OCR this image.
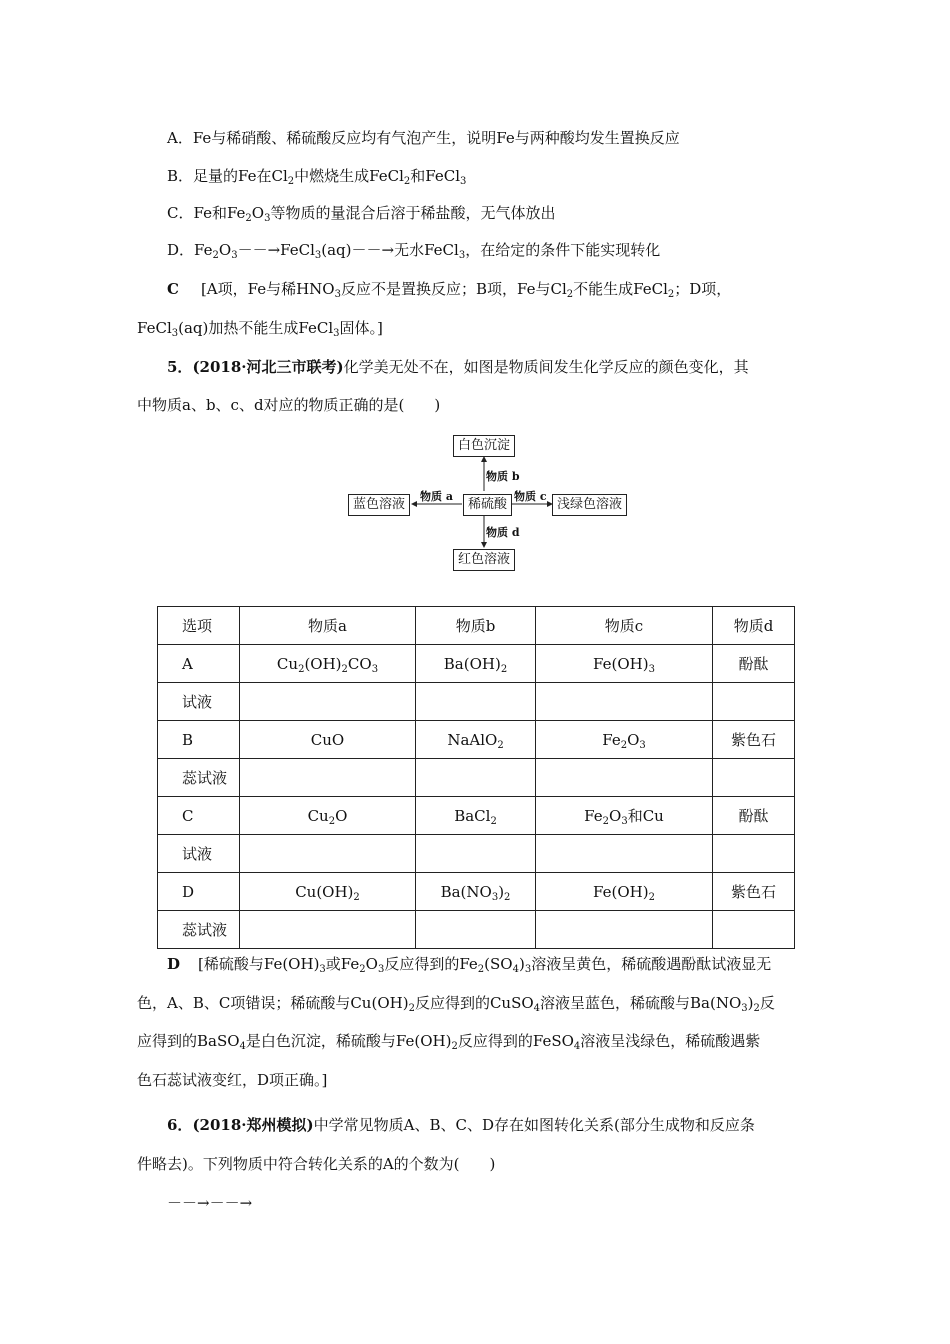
A．Fe与稀硝酸、稀硫酸反应均有气泡产生，说明Fe与两种酸均发生置换反应
B．足量的Fe在$Cl_2$中燃烧生成FeCl$_2$和FeCl$_3$
C．Fe和$Fe_2O_3$等物质的量混合后溶于稀盐酸，无气体放出
D．$Fe_2O_3--\to FeCl_3(aq)--\to$无水FeCl$_3$，在给定的条件下能实现转化
C [A项，Fe与稀$HNO_3$反应不是置换反应；B项，Fe与$Cl_2$不能生成FeCl$_2$；D项，
FeCl$_3$(aq)加热不能生成FeCl$_3$固体。]
5．(2018·河北三市联考)化学美无处不在，如图是物质间发生化学反应的颜色变化，其
中物质a、b、c、d对应的物质正确的是(　　)
白色沉淀
稀硫酸
蓝色溶液	浅绿色溶液
红色溶液
物质 a
物质 b
物质 c
物质 d
选项	物质a	物质b	物质c	物质d
A	$Cu_2(OH)_2CO_3$	$Ba(OH)_2$	$Fe(OH)_3$	酚酞
试液				
B	CuO	NaAlO$_2$	$Fe_2O_3$	紫色石
蕊试液				
C	$Cu_2O$	BaCl$_2$	$Fe_2O_3$和Cu	酚酞
试液				
D	$Cu(OH)_2$	$Ba(NO_3)_2$	$Fe(OH)_2$	紫色石
蕊试液				
D [稀硫酸与$Fe(OH)_3$或$Fe_2O_3$反应得到的$Fe_2(SO_4)_3$溶液呈黄色，稀硫酸遇酚酞试液显无
色，A、B、C项错误；稀硫酸与$Cu(OH)_2$反应得到的CuSO$_4$溶液呈蓝色，稀硫酸与$Ba(NO_3)_2$反
应得到的BaSO$_4$是白色沉淀，稀硫酸与$Fe(OH)_2$反应得到的FeSO$_4$溶液呈浅绿色，稀硫酸遇紫
色石蕊试液变红，D项正确。]
6．(2018·郑州模拟)中学常见物质A、B、C、D存在如图转化关系(部分生成物和反应条
件略去)。下列物质中符合转化关系的A的个数为(　　)
－－→－－→
